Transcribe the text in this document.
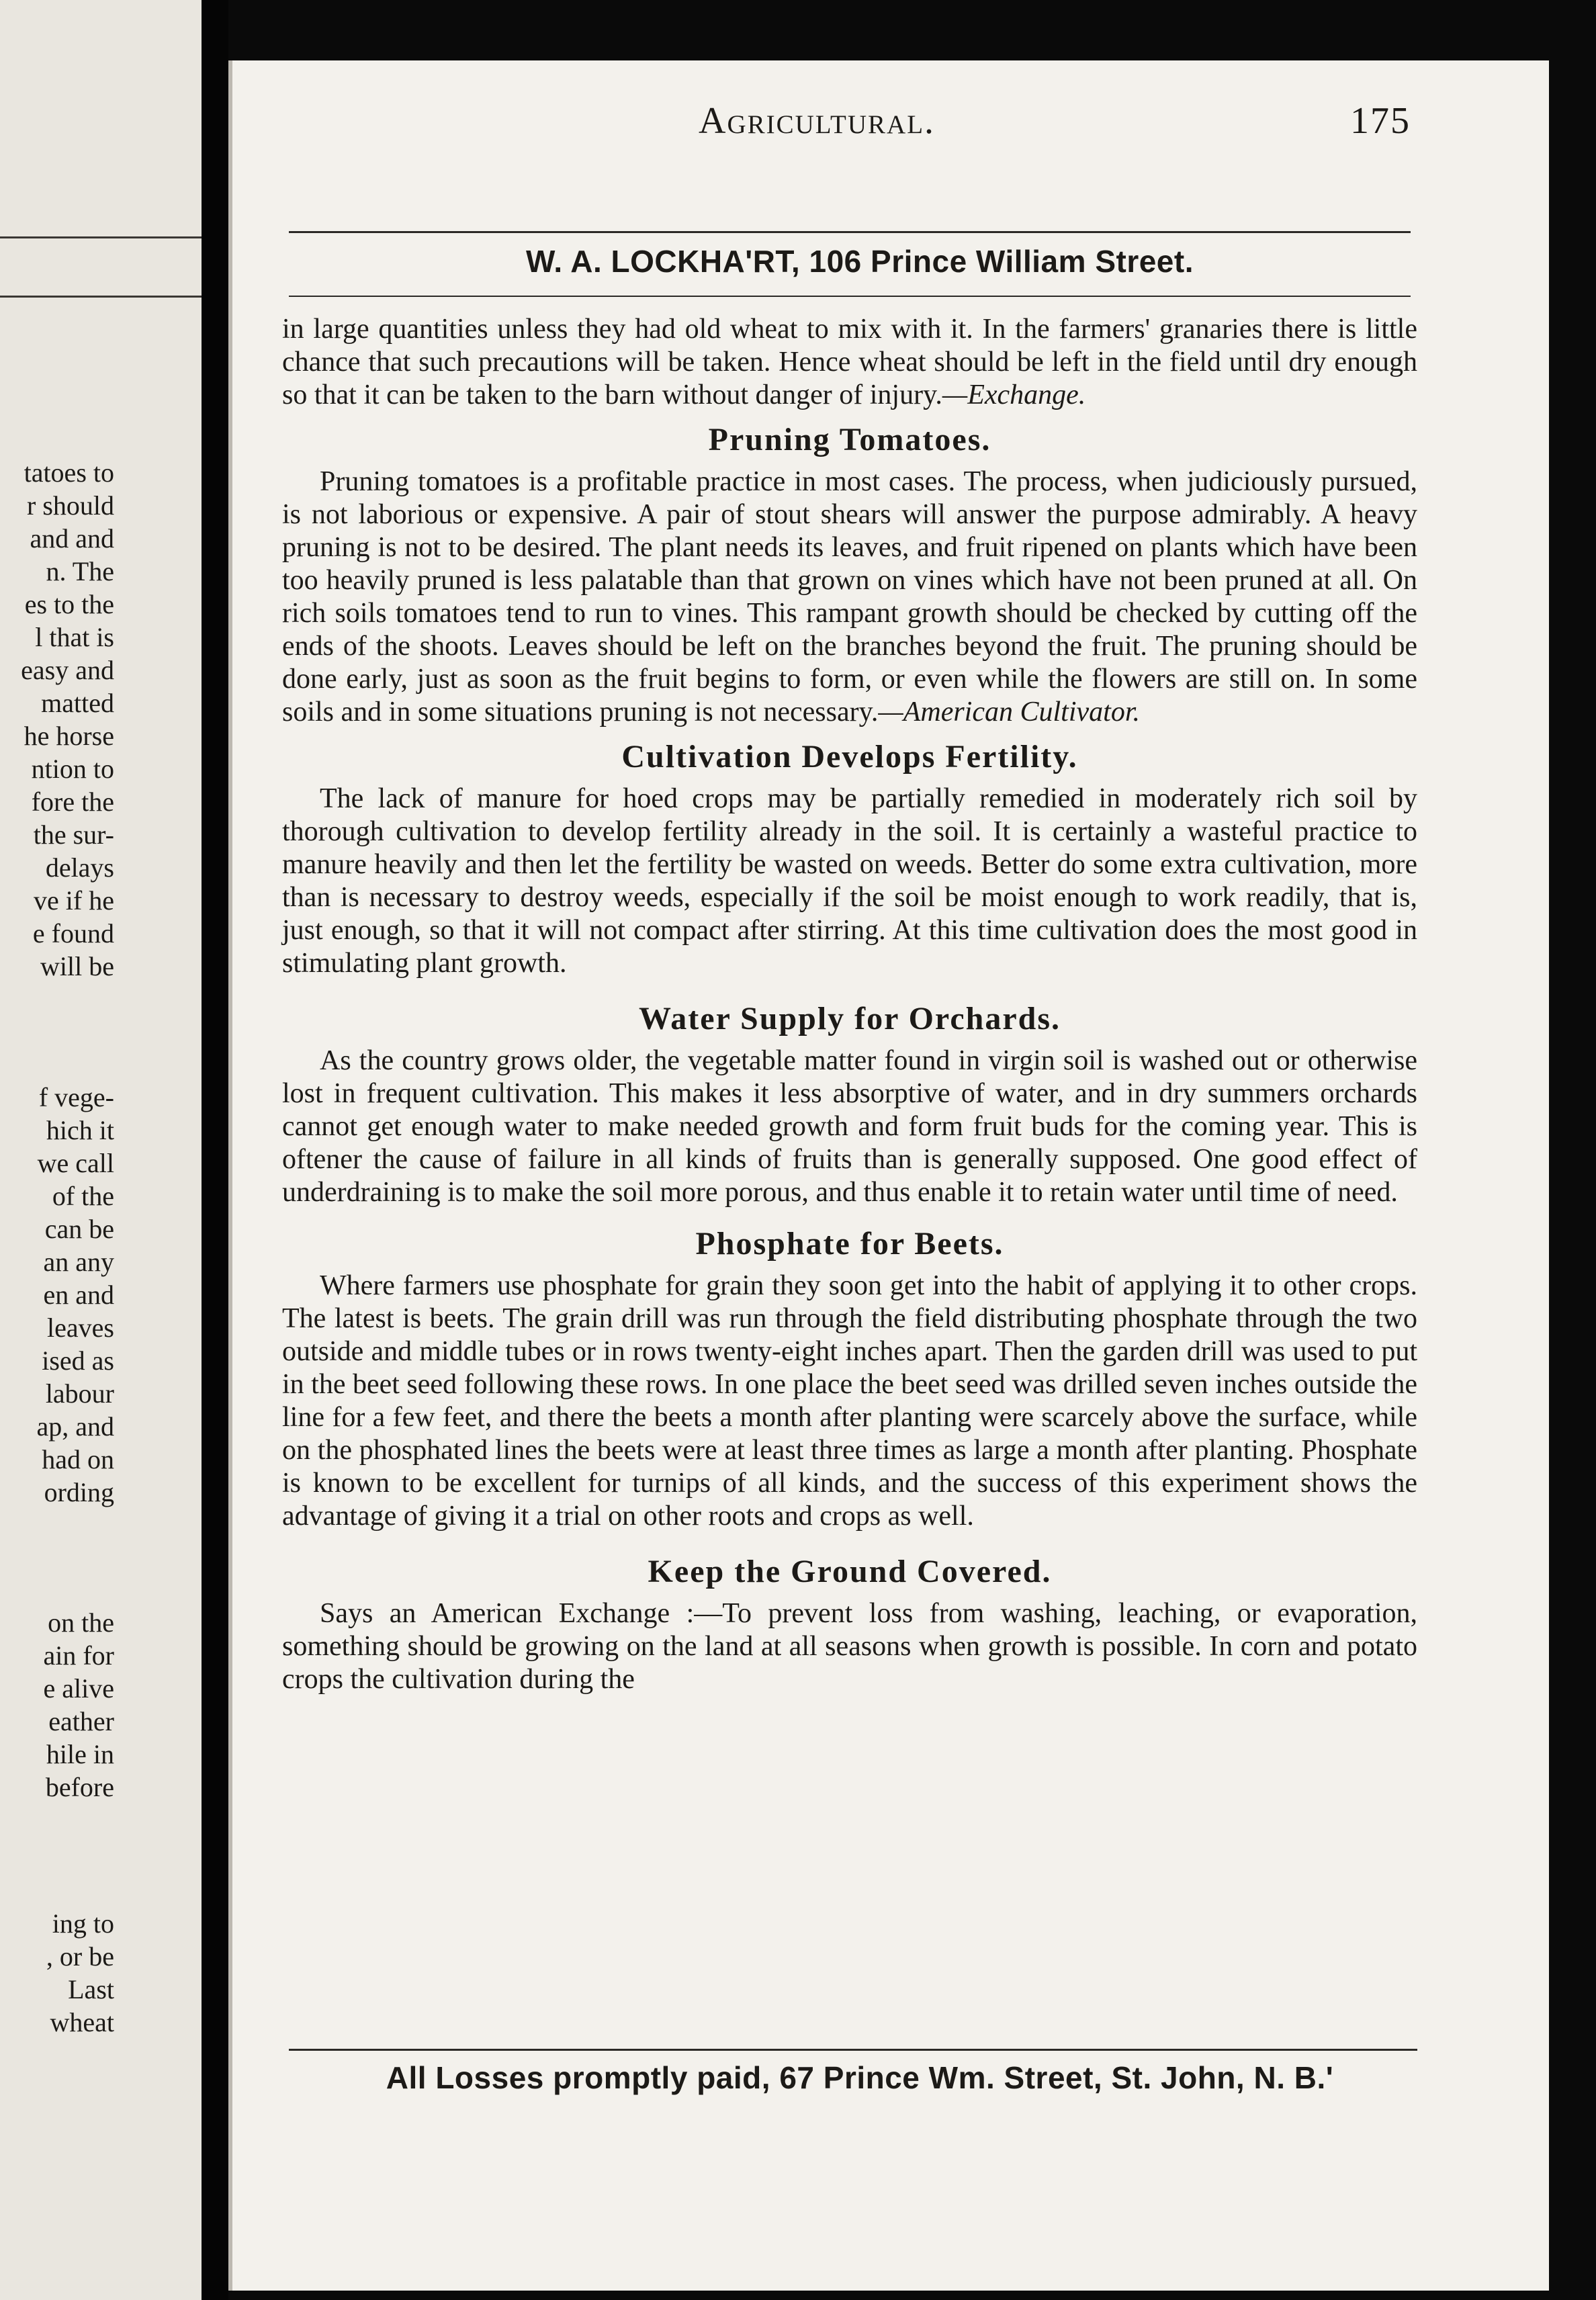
tatoes to
r should
and and
n. The
es to the
l that is
easy and
matted
he horse
ntion to
fore the
the sur-
delays
ve if he
e found
will be
f vege-
hich it
we call
of the
can be
an any
en and
leaves
ised as
labour
ap, and
had on
ording
on the
ain for
e alive
eather
hile in
before
ing to
, or be
Last
wheat
Agricultural.	175
W. A. LOCKHA'RT, 106 Prince William Street.

in large quantities unless they had old wheat to mix with it. In the farmers' granaries there is little chance that such precautions will be taken. Hence wheat should be left in the field until dry enough so that it can be taken to the barn without danger of injury.—Exchange.

Pruning Tomatoes.

Pruning tomatoes is a profitable practice in most cases. The process, when judiciously pursued, is not laborious or expensive. A pair of stout shears will answer the purpose admirably. A heavy pruning is not to be desired. The plant needs its leaves, and fruit ripened on plants which have been too heavily pruned is less palatable than that grown on vines which have not been pruned at all. On rich soils tomatoes tend to run to vines. This rampant growth should be checked by cutting off the ends of the shoots. Leaves should be left on the branches beyond the fruit. The pruning should be done early, just as soon as the fruit begins to form, or even while the flowers are still on. In some soils and in some situations pruning is not necessary.—American Cultivator.

Cultivation Develops Fertility.

The lack of manure for hoed crops may be partially remedied in moderately rich soil by thorough cultivation to develop fertility already in the soil. It is certainly a wasteful practice to manure heavily and then let the fertility be wasted on weeds. Better do some extra cultivation, more than is necessary to destroy weeds, especially if the soil be moist enough to work readily, that is, just enough, so that it will not compact after stirring. At this time cultivation does the most good in stimulating plant growth.

Water Supply for Orchards.

As the country grows older, the vegetable matter found in virgin soil is washed out or otherwise lost in frequent cultivation. This makes it less absorptive of water, and in dry summers orchards cannot get enough water to make needed growth and form fruit buds for the coming year. This is oftener the cause of failure in all kinds of fruits than is generally supposed. One good effect of underdraining is to make the soil more porous, and thus enable it to retain water until time of need.

Phosphate for Beets.

Where farmers use phosphate for grain they soon get into the habit of applying it to other crops. The latest is beets. The grain drill was run through the field distributing phosphate through the two outside and middle tubes or in rows twenty-eight inches apart. Then the garden drill was used to put in the beet seed following these rows. In one place the beet seed was drilled seven inches outside the line for a few feet, and there the beets a month after planting were scarcely above the surface, while on the phosphated lines the beets were at least three times as large a month after planting. Phosphate is known to be excellent for turnips of all kinds, and the success of this experiment shows the advantage of giving it a trial on other roots and crops as well.

Keep the Ground Covered.

Says an American Exchange :—To prevent loss from washing, leaching, or evaporation, something should be growing on the land at all seasons when growth is possible. In corn and potato crops the cultivation during the

All Losses promptly paid, 67 Prince Wm. Street, St. John, N. B.'
